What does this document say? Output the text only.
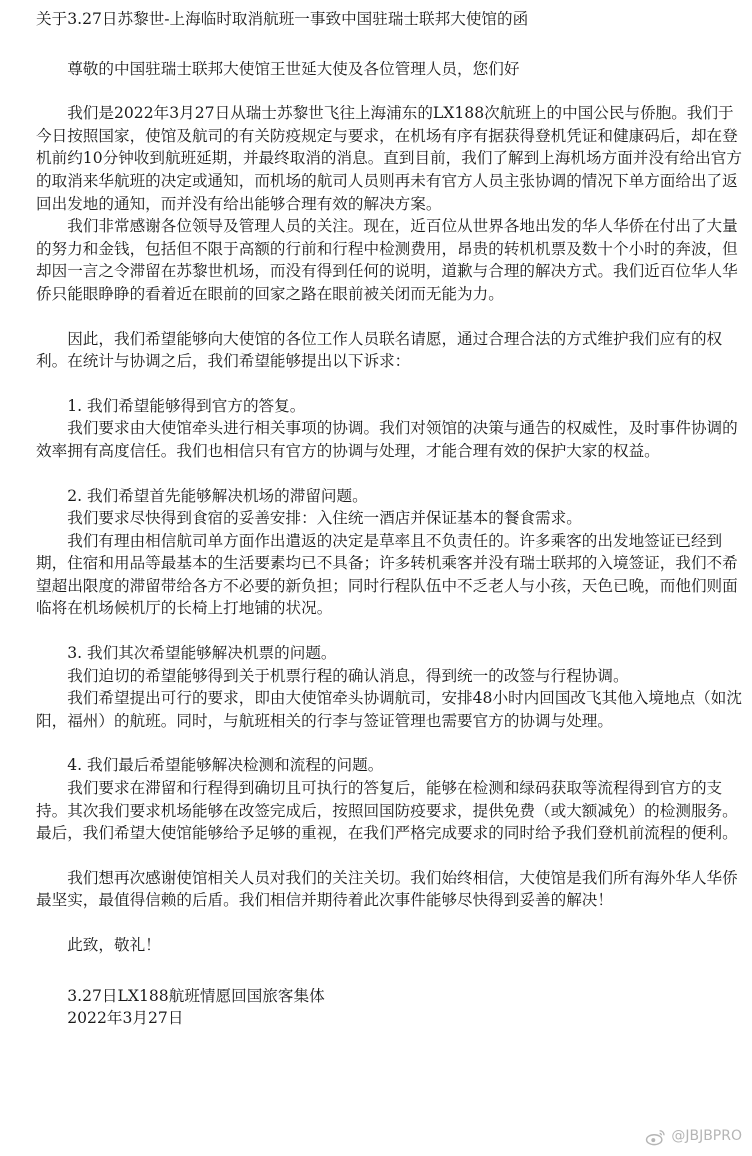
关于3.27日苏黎世-上海临时取消航班一事致中国驻瑞士联邦大使馆的函

尊敬的中国驻瑞士联邦大使馆王世延大使及各位管理人员，您们好

我们是2022年3月27日从瑞士苏黎世飞往上海浦东的LX188次航班上的中国公民与侨胞。我们于今日按照国家，使馆及航司的有关防疫规定与要求，在机场有序有据获得登机凭证和健康码后，却在登机前约10分钟收到航班延期，并最终取消的消息。直到目前，我们了解到上海机场方面并没有给出官方的取消来华航班的决定或通知，而机场的航司人员则再未有官方人员主张协调的情况下单方面给出了返回出发地的通知，而并没有给出能够合理有效的解决方案。

我们非常感谢各位领导及管理人员的关注。现在，近百位从世界各地出发的华人华侨在付出了大量的努力和金钱，包括但不限于高额的行前和行程中检测费用，昂贵的转机机票及数十个小时的奔波，但却因一言之令滞留在苏黎世机场，而没有得到任何的说明，道歉与合理的解决方式。我们近百位华人华侨只能眼睁睁的看着近在眼前的回家之路在眼前被关闭而无能为力。

因此，我们希望能够向大使馆的各位工作人员联名请愿，通过合理合法的方式维护我们应有的权利。在统计与协调之后，我们希望能够提出以下诉求：

1. 我们希望能够得到官方的答复。

我们要求由大使馆牵头进行相关事项的协调。我们对领馆的决策与通告的权威性，及时事件协调的效率拥有高度信任。我们也相信只有官方的协调与处理，才能合理有效的保护大家的权益。

2. 我们希望首先能够解决机场的滞留问题。

我们要求尽快得到食宿的妥善安排：入住统一酒店并保证基本的餐食需求。

我们有理由相信航司单方面作出遣返的决定是草率且不负责任的。许多乘客的出发地签证已经到期，住宿和用品等最基本的生活要素均已不具备；许多转机乘客并没有瑞士联邦的入境签证，我们不希望超出限度的滞留带给各方不必要的新负担；同时行程队伍中不乏老人与小孩，天色已晚，而他们则面临将在机场候机厅的长椅上打地铺的状况。

3. 我们其次希望能够解决机票的问题。

我们迫切的希望能够得到关于机票行程的确认消息，得到统一的改签与行程协调。

我们希望提出可行的要求，即由大使馆牵头协调航司，安排48小时内回国改飞其他入境地点（如沈阳，福州）的航班。同时，与航班相关的行李与签证管理也需要官方的协调与处理。

4. 我们最后希望能够解决检测和流程的问题。

我们要求在滞留和行程得到确切且可执行的答复后，能够在检测和绿码获取等流程得到官方的支持。其次我们要求机场能够在改签完成后，按照回国防疫要求，提供免费（或大额减免）的检测服务。最后，我们希望大使馆能够给予足够的重视，在我们严格完成要求的同时给予我们登机前流程的便利。

我们想再次感谢使馆相关人员对我们的关注关切。我们始终相信，大使馆是我们所有海外华人华侨最坚实，最值得信赖的后盾。我们相信并期待着此次事件能够尽快得到妥善的解决！

此致，敬礼！

3.27日LX188航班情愿回国旅客集体

2022年3月27日

@JBJBPRO
